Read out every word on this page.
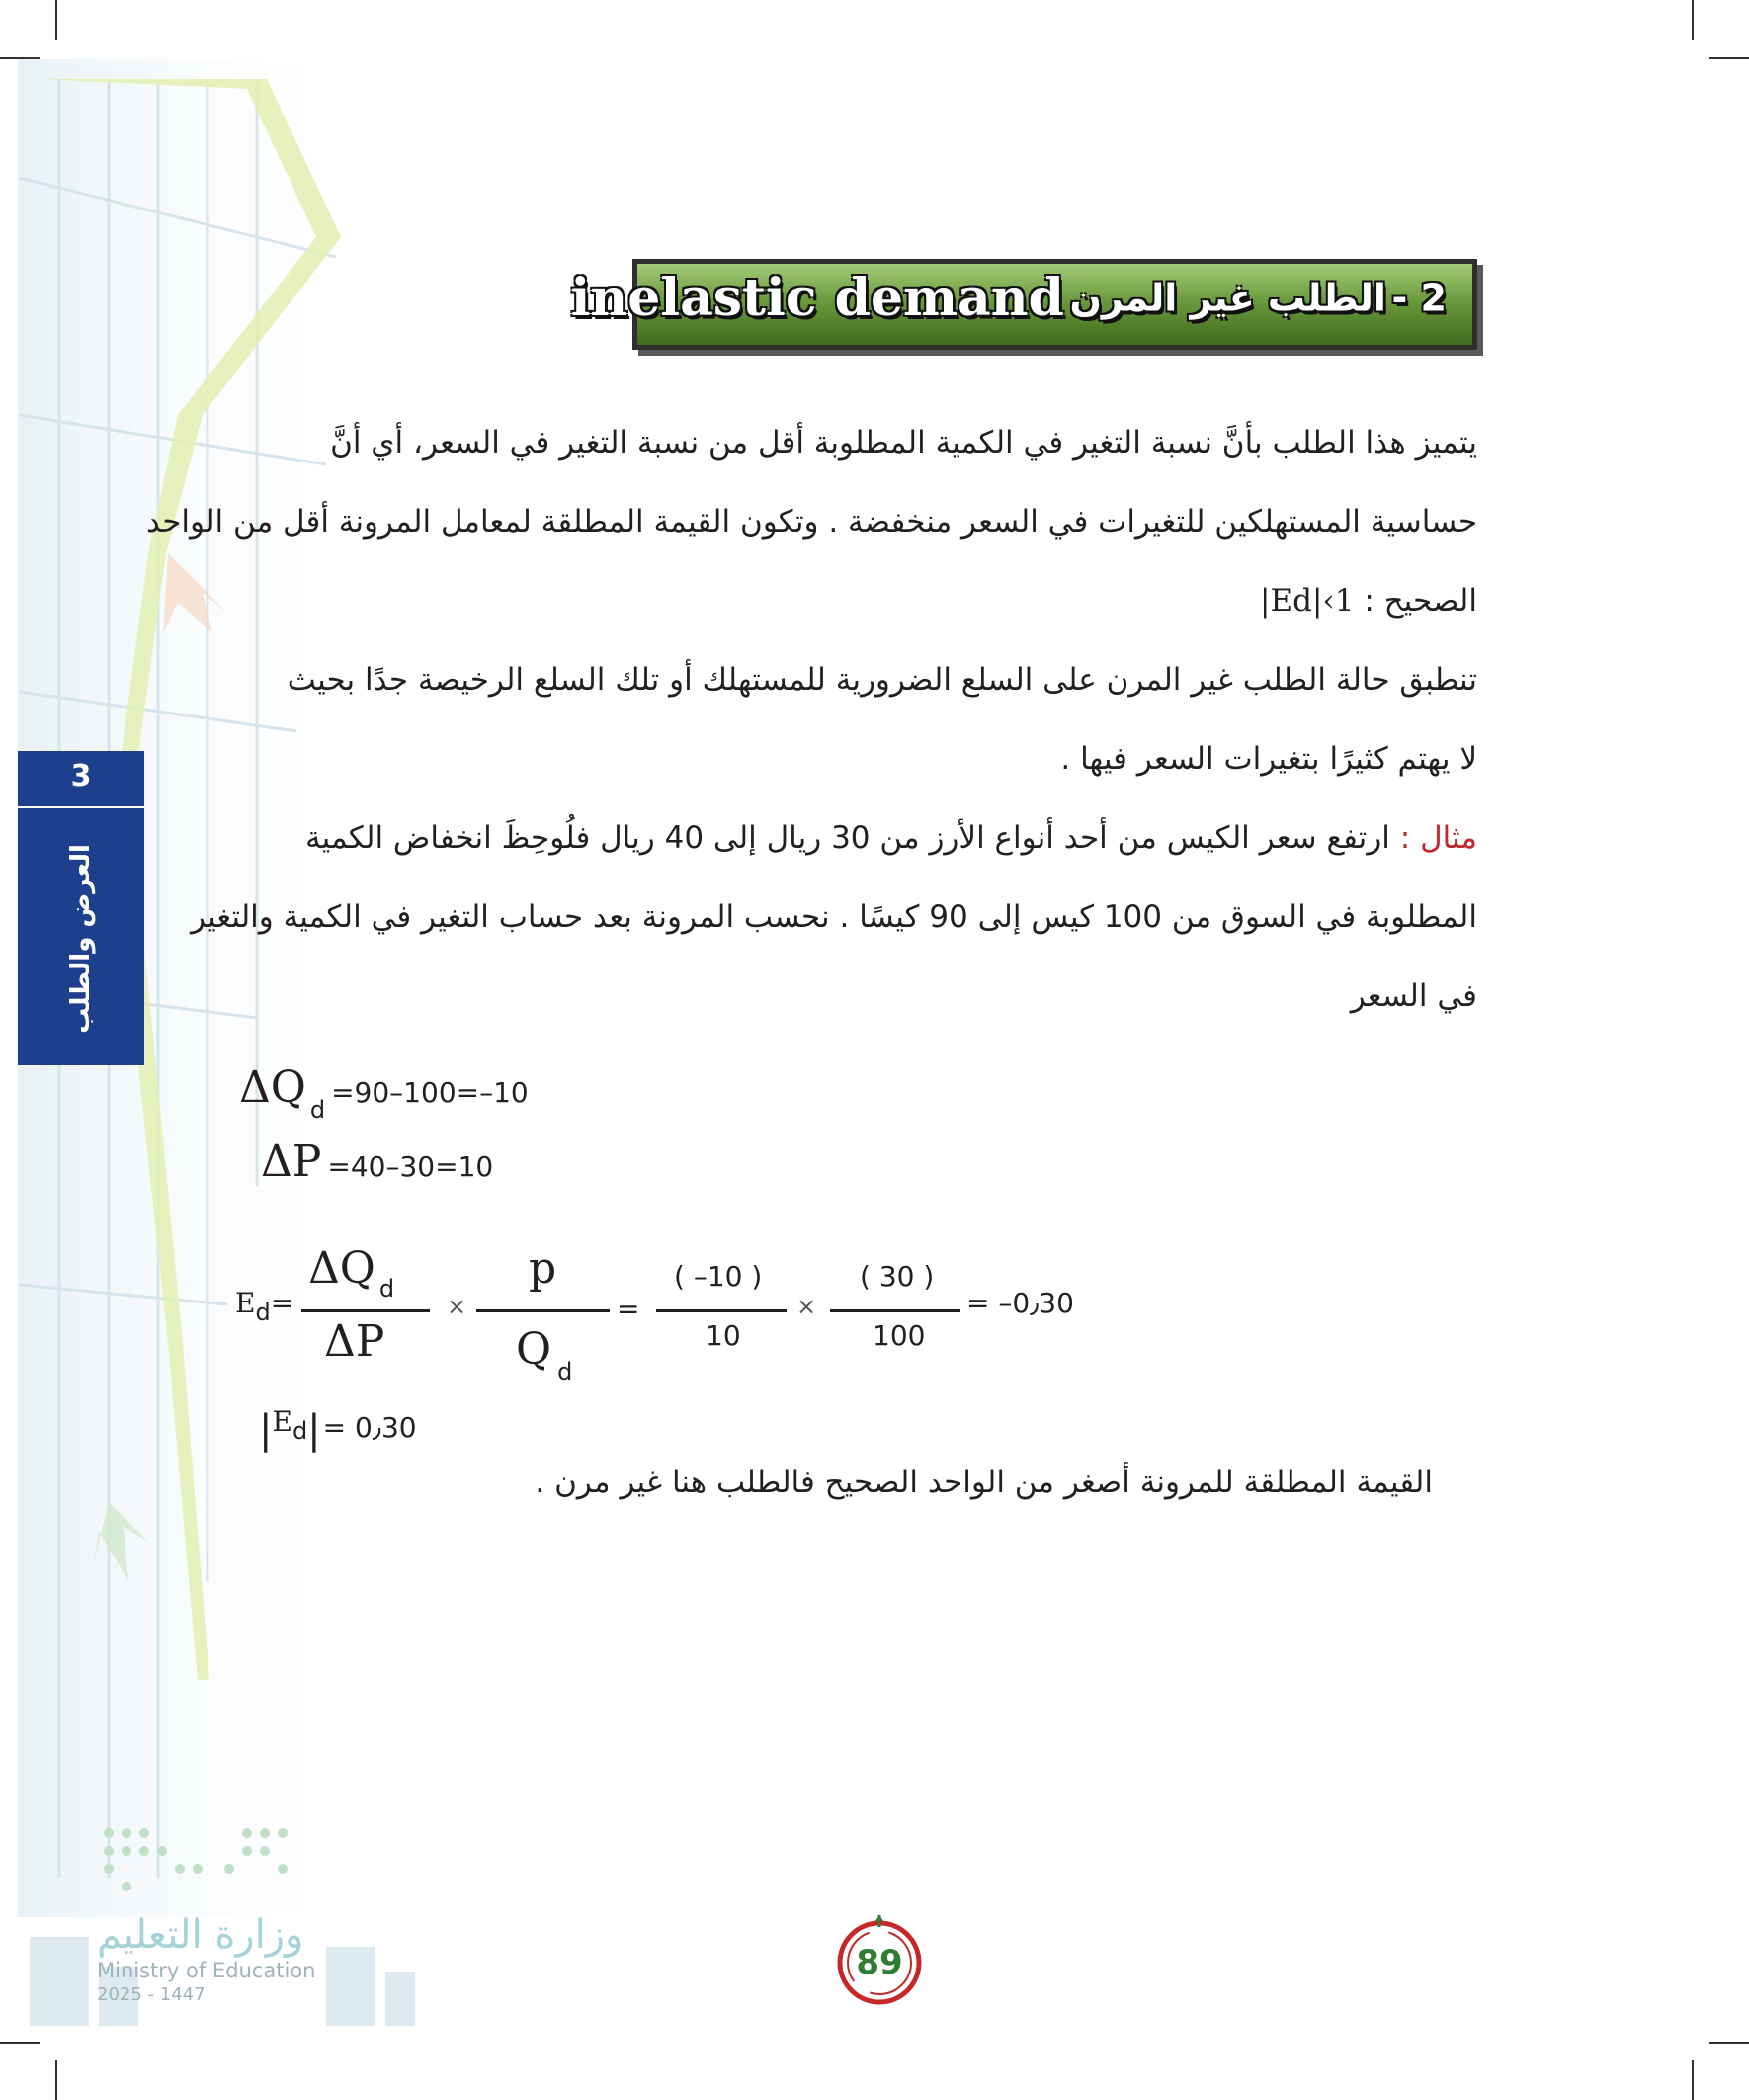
2 - الطلب غير المرن inelastic demand
يتميز هذا الطلب بأنَّ نسبة التغير في الكمية المطلوبة أقل من نسبة التغير في السعر، أي أنَّ
حساسية المستهلكين للتغيرات في السعر منخفضة . وتكون القيمة المطلقة لمعامل المرونة أقل من الواحد
الصحيح : |Ed|‹1
تنطبق حالة الطلب غير المرن على السلع الضرورية للمستهلك أو تلك السلع الرخيصة جدًا بحيث
لا يهتم كثيرًا بتغيرات السعر فيها .
مثال : ارتفع سعر الكيس من أحد أنواع الأرز من 30 ريال إلى 40 ريال فلُوحِظَ انخفاض الكمية
المطلوبة في السوق من 100 كيس إلى 90 كيسًا . نحسب المرونة بعد حساب التغير في الكمية والتغير
في السعر
ΔQ d=90–100=–10
ΔP =40–30=10
Ed=
ΔQ d
ΔP
×
p
Qd
=
( –10 )
10
×
( 30 )
100
= –0٫30
|Ed|= 0٫30
القيمة المطلقة للمرونة أصغر من الواحد الصحيح فالطلب هنا غير مرن .
3
العرض والطلب
89
وزارة التعليم
Ministry of Education
2025 - 1447
